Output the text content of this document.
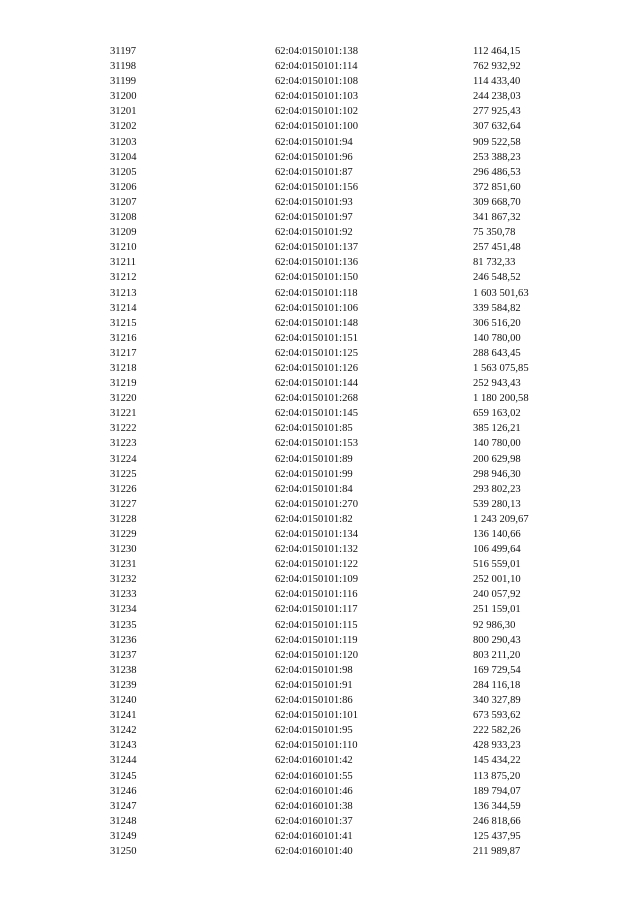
31197	62:04:0150101:138	112 464,15
31198	62:04:0150101:114	762 932,92
31199	62:04:0150101:108	114 433,40
31200	62:04:0150101:103	244 238,03
31201	62:04:0150101:102	277 925,43
31202	62:04:0150101:100	307 632,64
31203	62:04:0150101:94	909 522,58
31204	62:04:0150101:96	253 388,23
31205	62:04:0150101:87	296 486,53
31206	62:04:0150101:156	372 851,60
31207	62:04:0150101:93	309 668,70
31208	62:04:0150101:97	341 867,32
31209	62:04:0150101:92	75 350,78
31210	62:04:0150101:137	257 451,48
31211	62:04:0150101:136	81 732,33
31212	62:04:0150101:150	246 548,52
31213	62:04:0150101:118	1 603 501,63
31214	62:04:0150101:106	339 584,82
31215	62:04:0150101:148	306 516,20
31216	62:04:0150101:151	140 780,00
31217	62:04:0150101:125	288 643,45
31218	62:04:0150101:126	1 563 075,85
31219	62:04:0150101:144	252 943,43
31220	62:04:0150101:268	1 180 200,58
31221	62:04:0150101:145	659 163,02
31222	62:04:0150101:85	385 126,21
31223	62:04:0150101:153	140 780,00
31224	62:04:0150101:89	200 629,98
31225	62:04:0150101:99	298 946,30
31226	62:04:0150101:84	293 802,23
31227	62:04:0150101:270	539 280,13
31228	62:04:0150101:82	1 243 209,67
31229	62:04:0150101:134	136 140,66
31230	62:04:0150101:132	106 499,64
31231	62:04:0150101:122	516 559,01
31232	62:04:0150101:109	252 001,10
31233	62:04:0150101:116	240 057,92
31234	62:04:0150101:117	251 159,01
31235	62:04:0150101:115	92 986,30
31236	62:04:0150101:119	800 290,43
31237	62:04:0150101:120	803 211,20
31238	62:04:0150101:98	169 729,54
31239	62:04:0150101:91	284 116,18
31240	62:04:0150101:86	340 327,89
31241	62:04:0150101:101	673 593,62
31242	62:04:0150101:95	222 582,26
31243	62:04:0150101:110	428 933,23
31244	62:04:0160101:42	145 434,22
31245	62:04:0160101:55	113 875,20
31246	62:04:0160101:46	189 794,07
31247	62:04:0160101:38	136 344,59
31248	62:04:0160101:37	246 818,66
31249	62:04:0160101:41	125 437,95
31250	62:04:0160101:40	211 989,87
